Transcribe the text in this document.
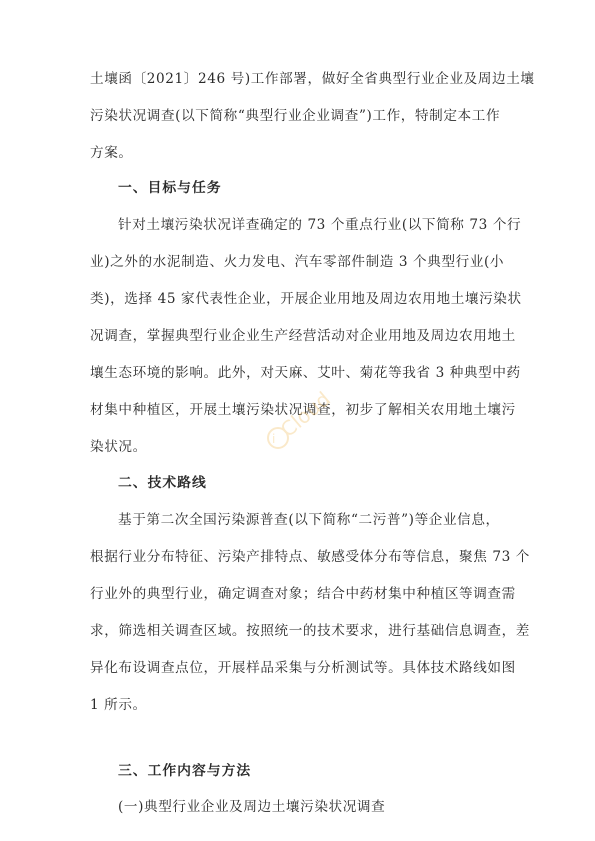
土壤函〔2021〕246 号)工作部署，做好全省典型行业企业及周边土壤
污染状况调查(以下简称“典型行业企业调查”)工作，特制定本工作
方案。
一、目标与任务
针对土壤污染状况详查确定的 73 个重点行业(以下简称 73 个行
业)之外的水泥制造、火力发电、汽车零部件制造 3 个典型行业(小
类)，选择 45 家代表性企业，开展企业用地及周边农用地土壤污染状
况调查，掌握典型行业企业生产经营活动对企业用地及周边农用地土
壤生态环境的影响。此外，对天麻、艾叶、菊花等我省 3 种典型中药
材集中种植区，开展土壤污染状况调查，初步了解相关农用地土壤污
染状况。
二、技术路线
基于第二次全国污染源普查(以下简称“二污普”)等企业信息，
根据行业分布特征、污染产排特点、敏感受体分布等信息，聚焦 73 个
行业外的典型行业，确定调查对象；结合中药材集中种植区等调查需
求，筛选相关调查区域。按照统一的技术要求，进行基础信息调查，差
异化布设调查点位，开展样品采集与分析测试等。具体技术路线如图
1 所示。
三、工作内容与方法
(一)典型行业企业及周边土壤污染状况调查
i Cloud
